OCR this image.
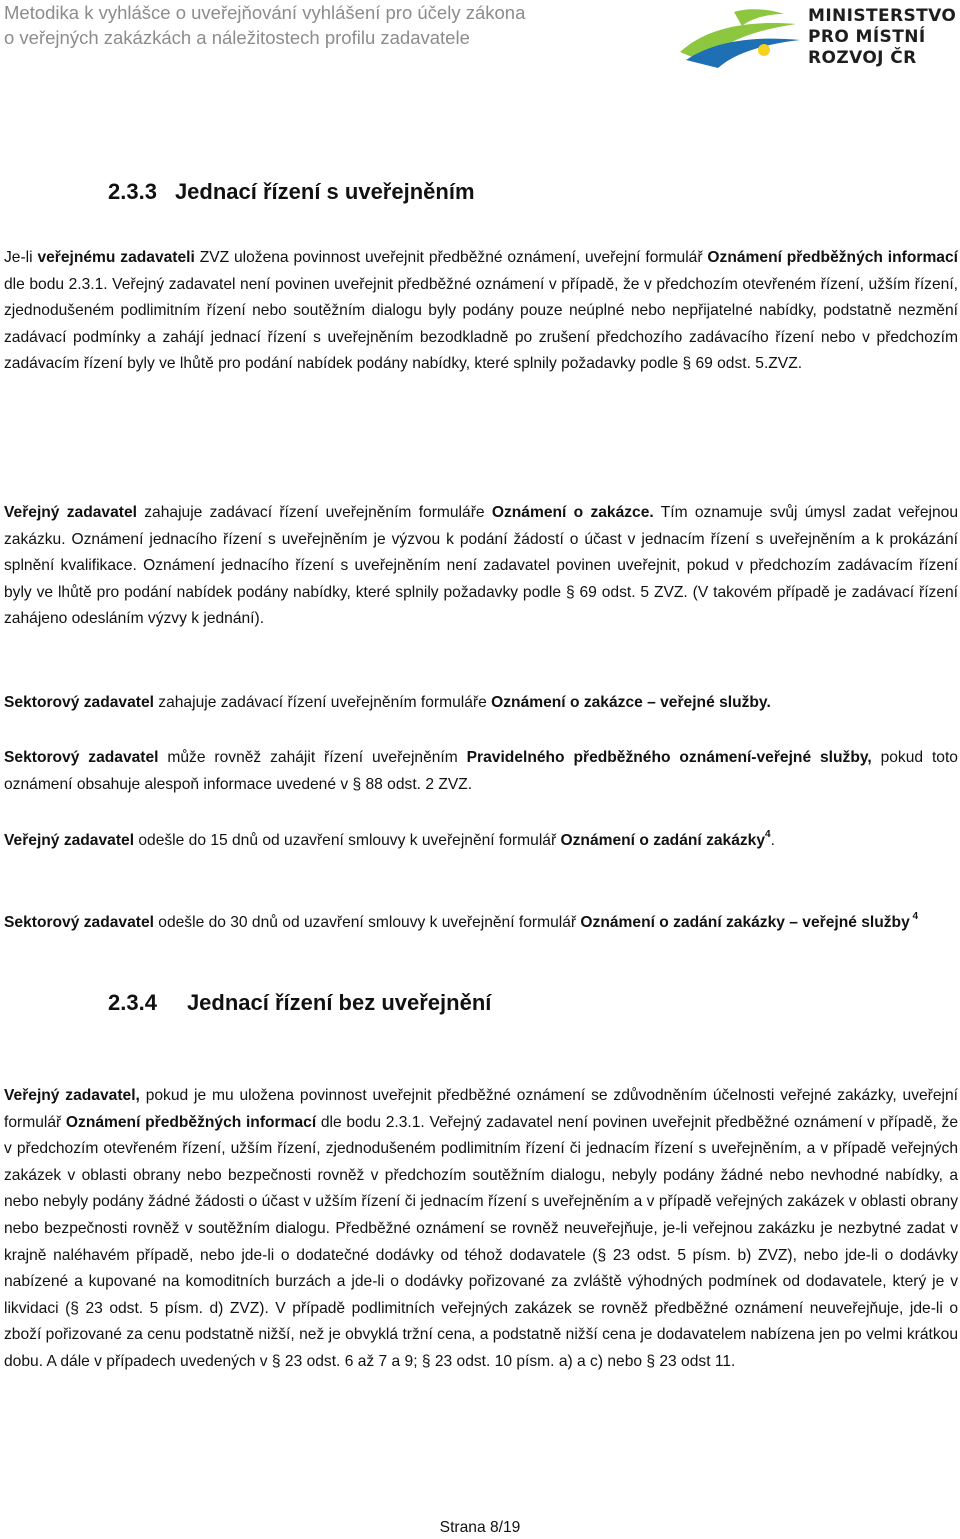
Metodika k vyhlášce o uveřejňování vyhlášení pro účely zákona
o veřejných zakázkách a náležitostech profilu zadavatele
MINISTERSTVO
PRO MÍSTNÍ
ROZVOJ ČR
2.3.3 Jednací řízení s uveřejněním
Je-li veřejnému zadavateli ZVZ uložena povinnost uveřejnit předběžné oznámení, uveřejní formulář Oznámení předběžných informací dle bodu 2.3.1. Veřejný zadavatel není povinen uveřejnit předběžné oznámení v případě, že v předchozím otevřeném řízení, užším řízení, zjednodušeném podlimitním řízení nebo soutěžním dialogu byly podány pouze neúplné nebo nepřijatelné nabídky, podstatně nezmění zadávací podmínky a zahájí jednací řízení s uveřejněním bezodkladně po zrušení předchozího zadávacího řízení nebo v předchozím zadávacím řízení byly ve lhůtě pro podání nabídek podány nabídky, které splnily požadavky podle § 69 odst. 5.ZVZ.
Veřejný zadavatel zahajuje zadávací řízení uveřejněním formuláře Oznámení o zakázce. Tím oznamuje svůj úmysl zadat veřejnou zakázku. Oznámení jednacího řízení s uveřejněním je výzvou k podání žádostí o účast v jednacím řízení s uveřejněním a k prokázání splnění kvalifikace. Oznámení jednacího řízení s uveřejněním není zadavatel povinen uveřejnit, pokud v předchozím zadávacím řízení byly ve lhůtě pro podání nabídek podány nabídky, které splnily požadavky podle § 69 odst. 5 ZVZ. (V takovém případě je zadávací řízení zahájeno odesláním výzvy k jednání).
Sektorový zadavatel zahajuje zadávací řízení uveřejněním formuláře Oznámení o zakázce – veřejné služby.
Sektorový zadavatel může rovněž zahájit řízení uveřejněním Pravidelného předběžného oznámení-veřejné služby, pokud toto oznámení obsahuje alespoň informace uvedené v § 88 odst. 2 ZVZ.
Veřejný zadavatel odešle do 15 dnů od uzavření smlouvy k uveřejnění formulář Oznámení o zadání zakázky$^4$.
Sektorový zadavatel odešle do 30 dnů od uzavření smlouvy k uveřejnění formulář Oznámení o zadání zakázky – veřejné služby $^4$
2.3.4 Jednací řízení bez uveřejnění
Veřejný zadavatel, pokud je mu uložena povinnost uveřejnit předběžné oznámení se zdůvodněním účelnosti veřejné zakázky, uveřejní formulář Oznámení předběžných informací dle bodu 2.3.1. Veřejný zadavatel není povinen uveřejnit předběžné oznámení v případě, že v předchozím otevřeném řízení, užším řízení, zjednodušeném podlimitním řízení či jednacím řízení s uveřejněním, a v případě veřejných zakázek v oblasti obrany nebo bezpečnosti rovněž v předchozím soutěžním dialogu, nebyly podány žádné nebo nevhodné nabídky, a nebo nebyly podány žádné žádosti o účast v užším řízení či jednacím řízení s uveřejněním a v případě veřejných zakázek v oblasti obrany nebo bezpečnosti rovněž v soutěžním dialogu. Předběžné oznámení se rovněž neuveřejňuje, je-li veřejnou zakázku je nezbytné zadat v krajně naléhavém případě, nebo jde-li o dodatečné dodávky od téhož dodavatele (§ 23 odst. 5 písm. b) ZVZ), nebo jde-li o dodávky nabízené a kupované na komoditních burzách a jde-li o dodávky pořizované za zvláště výhodných podmínek od dodavatele, který je v likvidaci (§ 23 odst. 5 písm. d) ZVZ). V případě podlimitních veřejných zakázek se rovněž předběžné oznámení neuveřejňuje, jde-li o zboží pořizované za cenu podstatně nižší, než je obvyklá tržní cena, a podstatně nižší cena je dodavatelem nabízena jen po velmi krátkou dobu. A dále v případech uvedených v § 23 odst. 6 až 7 a 9; § 23 odst. 10 písm. a) a c) nebo § 23 odst 11.
Strana 8/19
